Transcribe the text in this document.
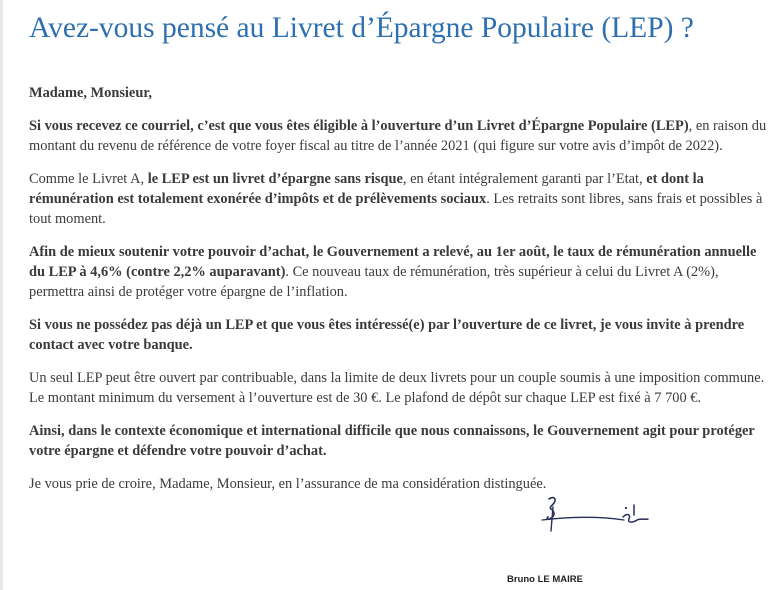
Avez-vous pensé au Livret d’Épargne Populaire (LEP) ?

Madame, Monsieur,

Si vous recevez ce courriel, c’est que vous êtes éligible à l’ouverture d’un Livret d’Épargne Populaire (LEP), en raison du montant du revenu de référence de votre foyer fiscal au titre de l’année 2021 (qui figure sur votre avis d’impôt de 2022).

Comme le Livret A, le LEP est un livret d’épargne sans risque, en étant intégralement garanti par l’Etat, et dont la rémunération est totalement exonérée d’impôts et de prélèvements sociaux. Les retraits sont libres, sans frais et possibles à tout moment.

Afin de mieux soutenir votre pouvoir d’achat, le Gouvernement a relevé, au 1er août, le taux de rémunération annuelle du LEP à 4,6% (contre 2,2% auparavant). Ce nouveau taux de rémunération, très supérieur à celui du Livret A (2%), permettra ainsi de protéger votre épargne de l’inflation.

Si vous ne possédez pas déjà un LEP et que vous êtes intéressé(e) par l’ouverture de ce livret, je vous invite à prendre contact avec votre banque.

Un seul LEP peut être ouvert par contribuable, dans la limite de deux livrets pour un couple soumis à une imposition commune. Le montant minimum du versement à l’ouverture est de 30 €. Le plafond de dépôt sur chaque LEP est fixé à 7 700 €.

Ainsi, dans le contexte économique et international difficile que nous connaissons, le Gouvernement agit pour protéger votre épargne et défendre votre pouvoir d’achat.

Je vous prie de croire, Madame, Monsieur, en l’assurance de ma considération distinguée.

Bruno LE MAIRE
